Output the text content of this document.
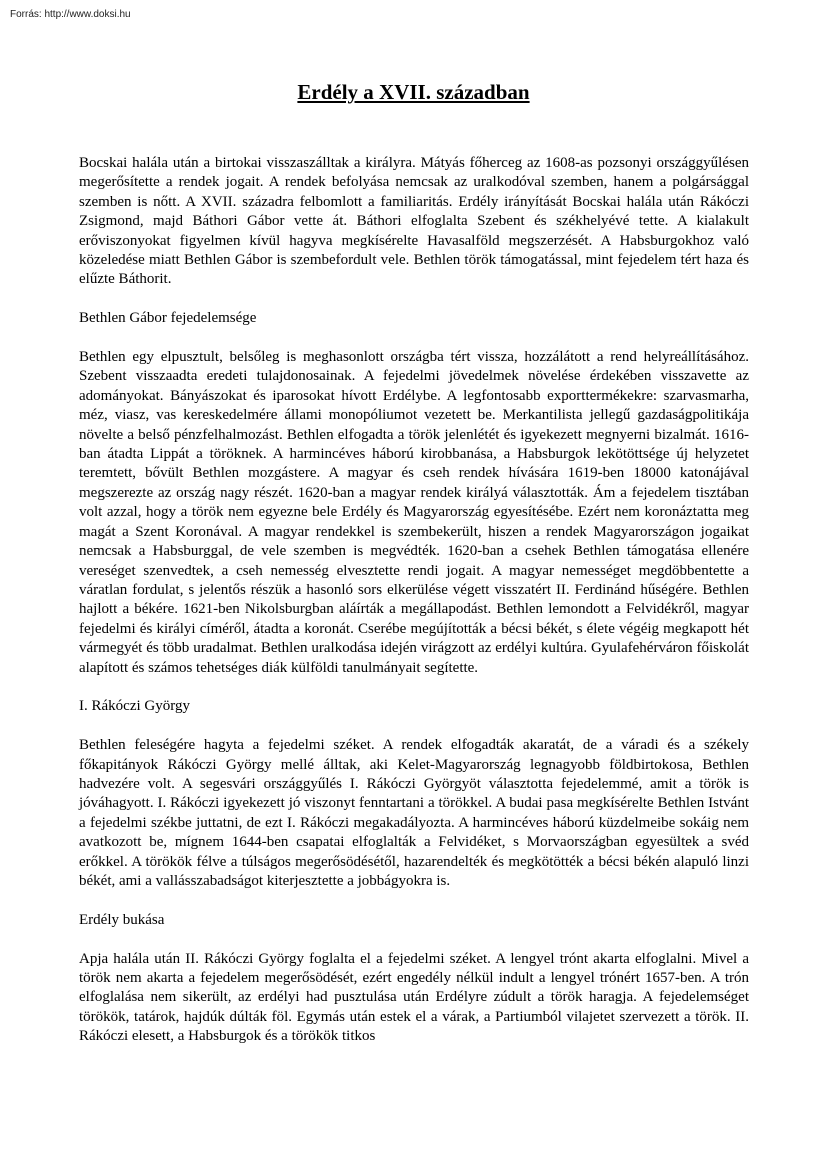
Forrás: http://www.doksi.hu
Erdély a XVII. században

Bocskai halála után a birtokai visszaszálltak a királyra. Mátyás főherceg az 1608-as pozsonyi országgyűlésen megerősítette a rendek jogait. A rendek befolyása nemcsak az uralkodóval szemben, hanem a polgársággal szemben is nőtt. A XVII. századra felbomlott a familiaritás. Erdély irányítását Bocskai halála után Rákóczi Zsigmond, majd Báthori Gábor vette át. Báthori elfoglalta Szebent és székhelyévé tette. A kialakult erőviszonyokat figyelmen kívül hagyva megkísérelte Havasalföld megszerzését. A Habsburgokhoz való közeledése miatt Bethlen Gábor is szembefordult vele. Bethlen török támogatással, mint fejedelem tért haza és elűzte Báthorit.

Bethlen Gábor fejedelemsége

Bethlen egy elpusztult, belsőleg is meghasonlott országba tért vissza, hozzálátott a rend helyreállításához. Szebent visszaadta eredeti tulajdonosainak. A fejedelmi jövedelmek növelése érdekében visszavette az adományokat. Bányászokat és iparosokat hívott Erdélybe. A legfontosabb exporttermékekre: szarvasmarha, méz, viasz, vas kereskedelmére állami monopóliumot vezetett be. Merkantilista jellegű gazdaságpolitikája növelte a belső pénzfelhalmozást. Bethlen elfogadta a török jelenlétét és igyekezett megnyerni bizalmát. 1616-ban átadta Lippát a töröknek. A harmincéves háború kirobbanása, a Habsburgok lekötöttsége új helyzetet teremtett, bővült Bethlen mozgástere. A magyar és cseh rendek hívására 1619-ben 18000 katonájával megszerezte az ország nagy részét. 1620-ban a magyar rendek királyá választották. Ám a fejedelem tisztában volt azzal, hogy a török nem egyezne bele Erdély és Magyarország egyesítésébe. Ezért nem koronáztatta meg magát a Szent Koronával. A magyar rendekkel is szembekerült, hiszen a rendek Magyarországon jogaikat nemcsak a Habsburggal, de vele szemben is megvédték. 1620-ban a csehek Bethlen támogatása ellenére vereséget szenvedtek, a cseh nemesség elvesztette rendi jogait. A magyar nemességet megdöbbentette a váratlan fordulat, s jelentős részük a hasonló sors elkerülése végett visszatért II. Ferdinánd hűségére. Bethlen hajlott a békére. 1621-ben Nikolsburgban aláírták a megállapodást. Bethlen lemondott a Felvidékről, magyar fejedelmi és királyi címéről, átadta a koronát. Cserébe megújították a bécsi békét, s élete végéig megkapott hét vármegyét és több uradalmat. Bethlen uralkodása idején virágzott az erdélyi kultúra. Gyulafehérváron főiskolát alapított és számos tehetséges diák külföldi tanulmányait segítette.

I. Rákóczi György

Bethlen feleségére hagyta a fejedelmi széket. A rendek elfogadták akaratát, de a váradi és a székely főkapitányok Rákóczi György mellé álltak, aki Kelet-Magyarország legnagyobb földbirtokosa, Bethlen hadvezére volt. A segesvári országgyűlés I. Rákóczi Györgyöt választotta fejedelemmé, amit a török is jóváhagyott. I. Rákóczi igyekezett jó viszonyt fenntartani a törökkel. A budai pasa megkísérelte Bethlen Istvánt a fejedelmi székbe juttatni, de ezt I. Rákóczi megakadályozta. A harmincéves háború küzdelmeibe sokáig nem avatkozott be, mígnem 1644-ben csapatai elfoglalták a Felvidéket, s Morvaországban egyesültek a svéd erőkkel. A törökök félve a túlságos megerősödésétől, hazarendelték és megkötötték a bécsi békén alapuló linzi békét, ami a vallásszabadságot kiterjesztette a jobbágyokra is.

Erdély bukása

Apja halála után II. Rákóczi György foglalta el a fejedelmi széket. A lengyel trónt akarta elfoglalni. Mivel a török nem akarta a fejedelem megerősödését, ezért engedély nélkül indult a lengyel trónért 1657-ben. A trón elfoglalása nem sikerült, az erdélyi had pusztulása után Erdélyre zúdult a török haragja. A fejedelemséget törökök, tatárok, hajdúk dúlták föl. Egymás után estek el a várak, a Partiumból vilajetet szervezett a török. II. Rákóczi elesett, a Habsburgok és a törökök titkos
